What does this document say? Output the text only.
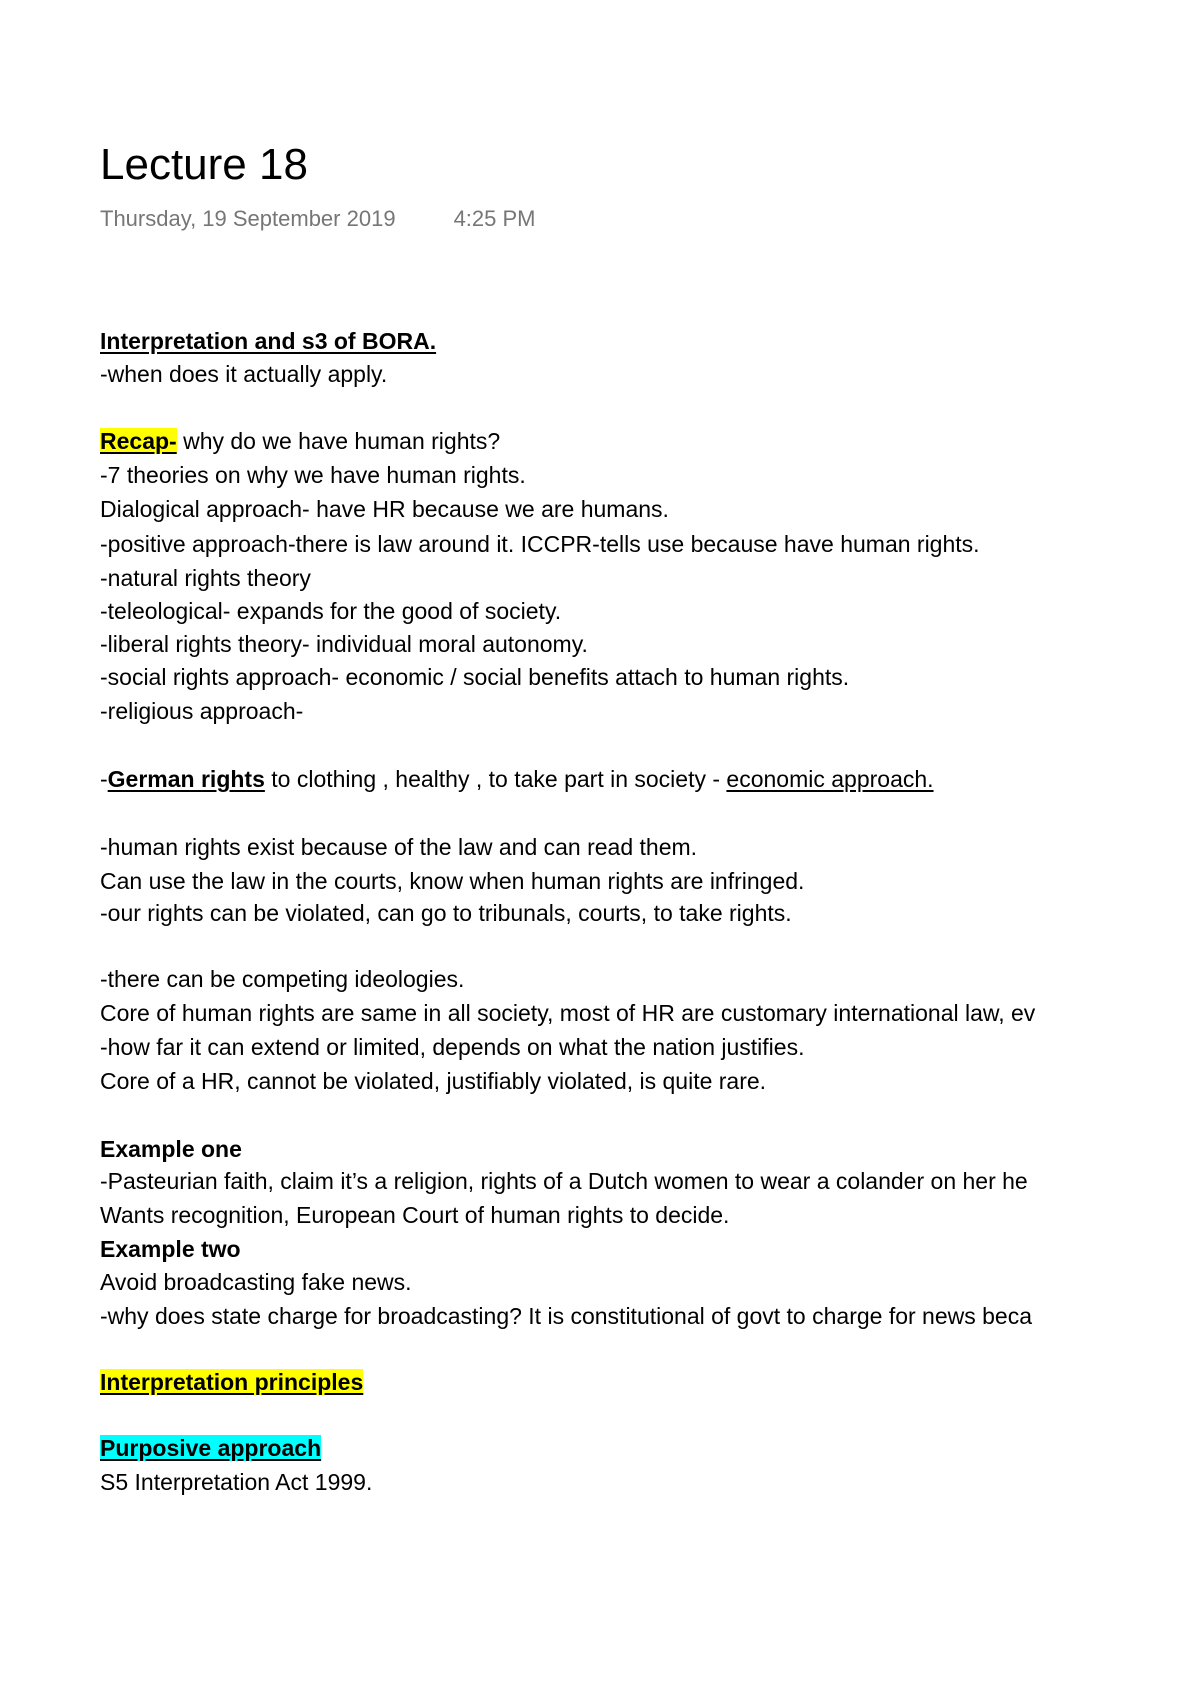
Lecture 18
Thursday, 19 September 2019	4:25 PM
Interpretation and s3 of BORA.
-when does it actually apply.
Recap- why do we have human rights?
-7 theories on why we have human rights.
Dialogical approach- have HR because we are humans.
-positive approach-there is law around it. ICCPR-tells use because have human rights.
-natural rights theory
-teleological- expands for the good of society.
-liberal rights theory- individual moral autonomy.
-social rights approach- economic / social benefits attach to human rights.
-religious approach-
-German rights to clothing , healthy , to take part in society - economic approach.
-human rights exist because of the law and can read them.
Can use the law in the courts, know when human rights are infringed.
-our rights can be violated, can go to tribunals, courts, to take rights.
-there can be competing ideologies.
Core of human rights are same in all society, most of HR are customary international law, ev
-how far it can extend or limited, depends on what the nation justifies.
Core of a HR, cannot be violated, justifiably violated, is quite rare.
Example one
-Pasteurian faith, claim it’s a religion, rights of a Dutch women to wear a colander on her he
Wants recognition, European Court of human rights to decide.
Example two
Avoid broadcasting fake news.
-why does state charge for broadcasting? It is constitutional of govt to charge for news beca
Interpretation principles
Purposive approach
S5 Interpretation Act 1999.
